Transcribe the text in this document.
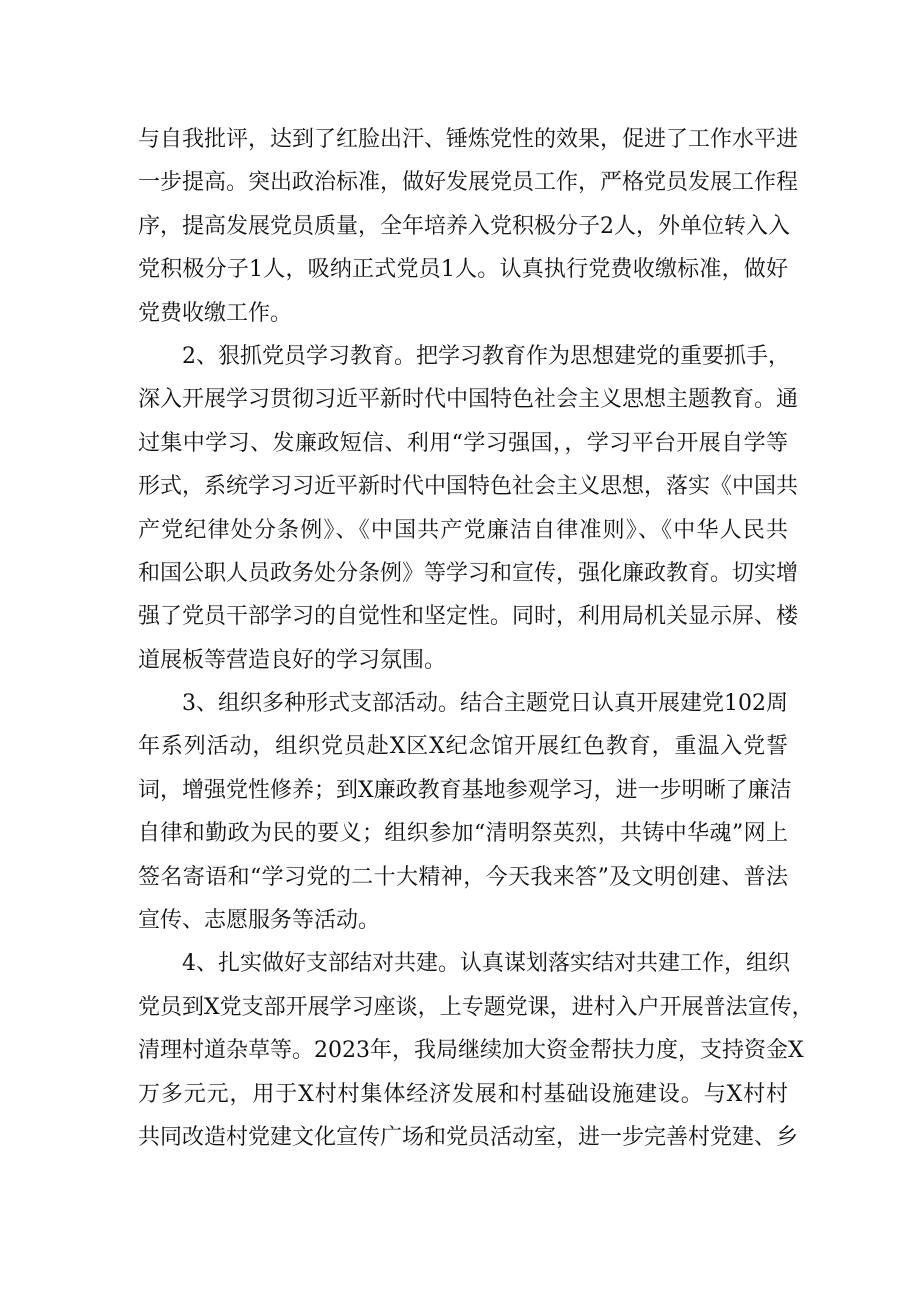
与自我批评，达到了红脸出汗、锤炼党性的效果，促进了工作水平进
一步提高。突出政治标准，做好发展党员工作，严格党员发展工作程
序，提高发展党员质量，全年培养入党积极分子2人，外单位转入入
党积极分子1人，吸纳正式党员1人。认真执行党费收缴标准，做好
党费收缴工作。
2、狠抓党员学习教育。把学习教育作为思想建党的重要抓手，
深入开展学习贯彻习近平新时代中国特色社会主义思想主题教育。通
过集中学习、发廉政短信、利用“学习强国，，学习平台开展自学等
形式，系统学习习近平新时代中国特色社会主义思想，落实《中国共
产党纪律处分条例》、《中国共产党廉洁自律准则》、《中华人民共
和国公职人员政务处分条例》等学习和宣传，强化廉政教育。切实增
强了党员干部学习的自觉性和坚定性。同时，利用局机关显示屏、楼
道展板等营造良好的学习氛围。
3、组织多种形式支部活动。结合主题党日认真开展建党102周
年系列活动，组织党员赴X区X纪念馆开展红色教育，重温入党誓
词，增强党性修养；到X廉政教育基地参观学习，进一步明晰了廉洁
自律和勤政为民的要义；组织参加“清明祭英烈，共铸中华魂”网上
签名寄语和“学习党的二十大精神，今天我来答”及文明创建、普法
宣传、志愿服务等活动。
4、扎实做好支部结对共建。认真谋划落实结对共建工作，组织
党员到X党支部开展学习座谈，上专题党课，进村入户开展普法宣传，
清理村道杂草等。2023年，我局继续加大资金帮扶力度，支持资金X
万多元元，用于X村村集体经济发展和村基础设施建设。与X村村
共同改造村党建文化宣传广场和党员活动室，进一步完善村党建、乡
